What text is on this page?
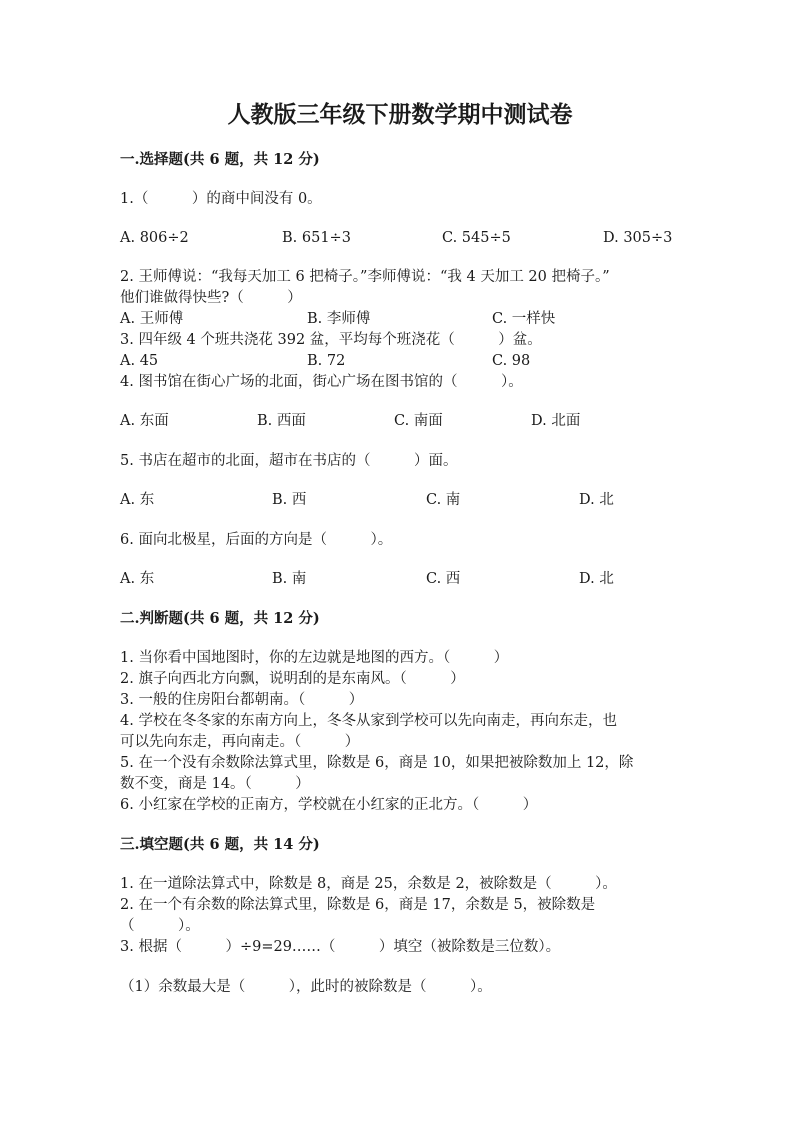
人教版三年级下册数学期中测试卷
一.选择题(共 6 题，共 12 分)
1.（　　　）的商中间没有 0。
A. 806÷2	B. 651÷3	C. 545÷5	D. 305÷3
2. 王师傅说：“我每天加工 6 把椅子。”李师傅说：“我 4 天加工 20 把椅子。”
他们谁做得快些?（　　　）
A. 王师傅	B. 李师傅	C. 一样快
3. 四年级 4 个班共浇花 392 盆，平均每个班浇花（　　　）盆。
A. 45	B. 72	C. 98
4. 图书馆在街心广场的北面，街心广场在图书馆的（　　　）。
A. 东面	B. 西面	C. 南面	D. 北面
5. 书店在超市的北面，超市在书店的（　　　）面。
A. 东	B. 西	C. 南	D. 北
6. 面向北极星，后面的方向是（　　　）。
A. 东	B. 南	C. 西	D. 北
二.判断题(共 6 题，共 12 分)
1. 当你看中国地图时，你的左边就是地图的西方。（　　　）
2. 旗子向西北方向飘，说明刮的是东南风。（　　　）
3. 一般的住房阳台都朝南。（　　　）
4. 学校在冬冬家的东南方向上，冬冬从家到学校可以先向南走，再向东走，也
可以先向东走，再向南走。（　　　）
5. 在一个没有余数除法算式里，除数是 6，商是 10，如果把被除数加上 12，除
数不变，商是 14。（　　　）
6. 小红家在学校的正南方，学校就在小红家的正北方。（　　　）
三.填空题(共 6 题，共 14 分)
1. 在一道除法算式中，除数是 8，商是 25，余数是 2，被除数是（　　　）。
2. 在一个有余数的除法算式里，除数是 6，商是 17，余数是 5，被除数是
（　　　）。
3. 根据（　　　）÷9=29……（　　　）填空（被除数是三位数）。
（1）余数最大是（　　　），此时的被除数是（　　　）。
